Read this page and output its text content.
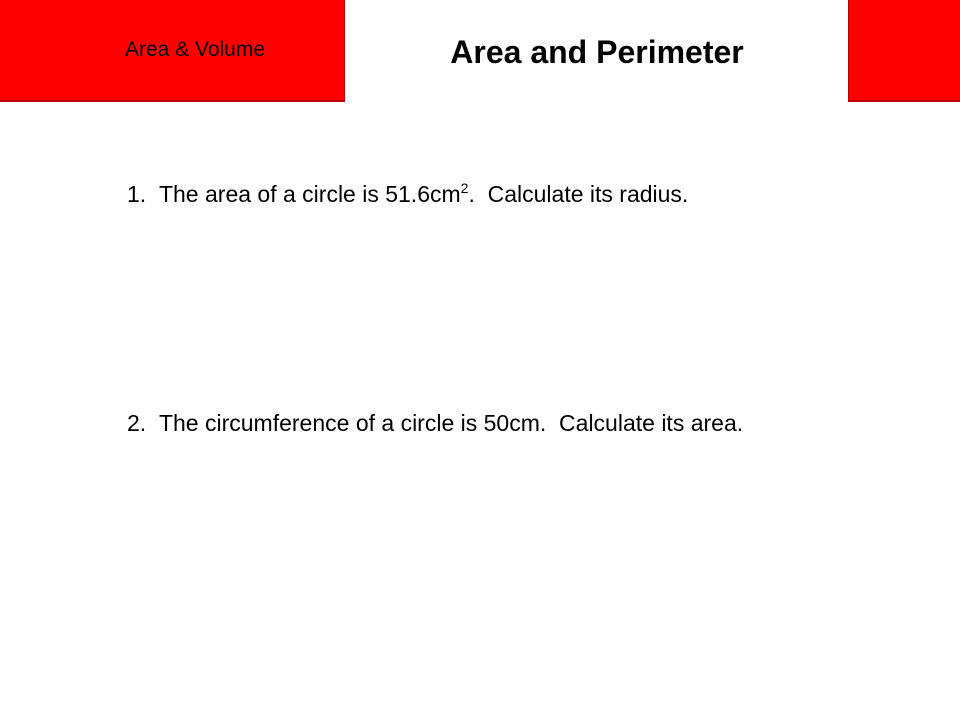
Area & Volume	Area and Perimeter
1. The area of a circle is $51.6cm^2$.  Calculate its radius.
2. The circumference of a circle is 50cm.  Calculate its area.
